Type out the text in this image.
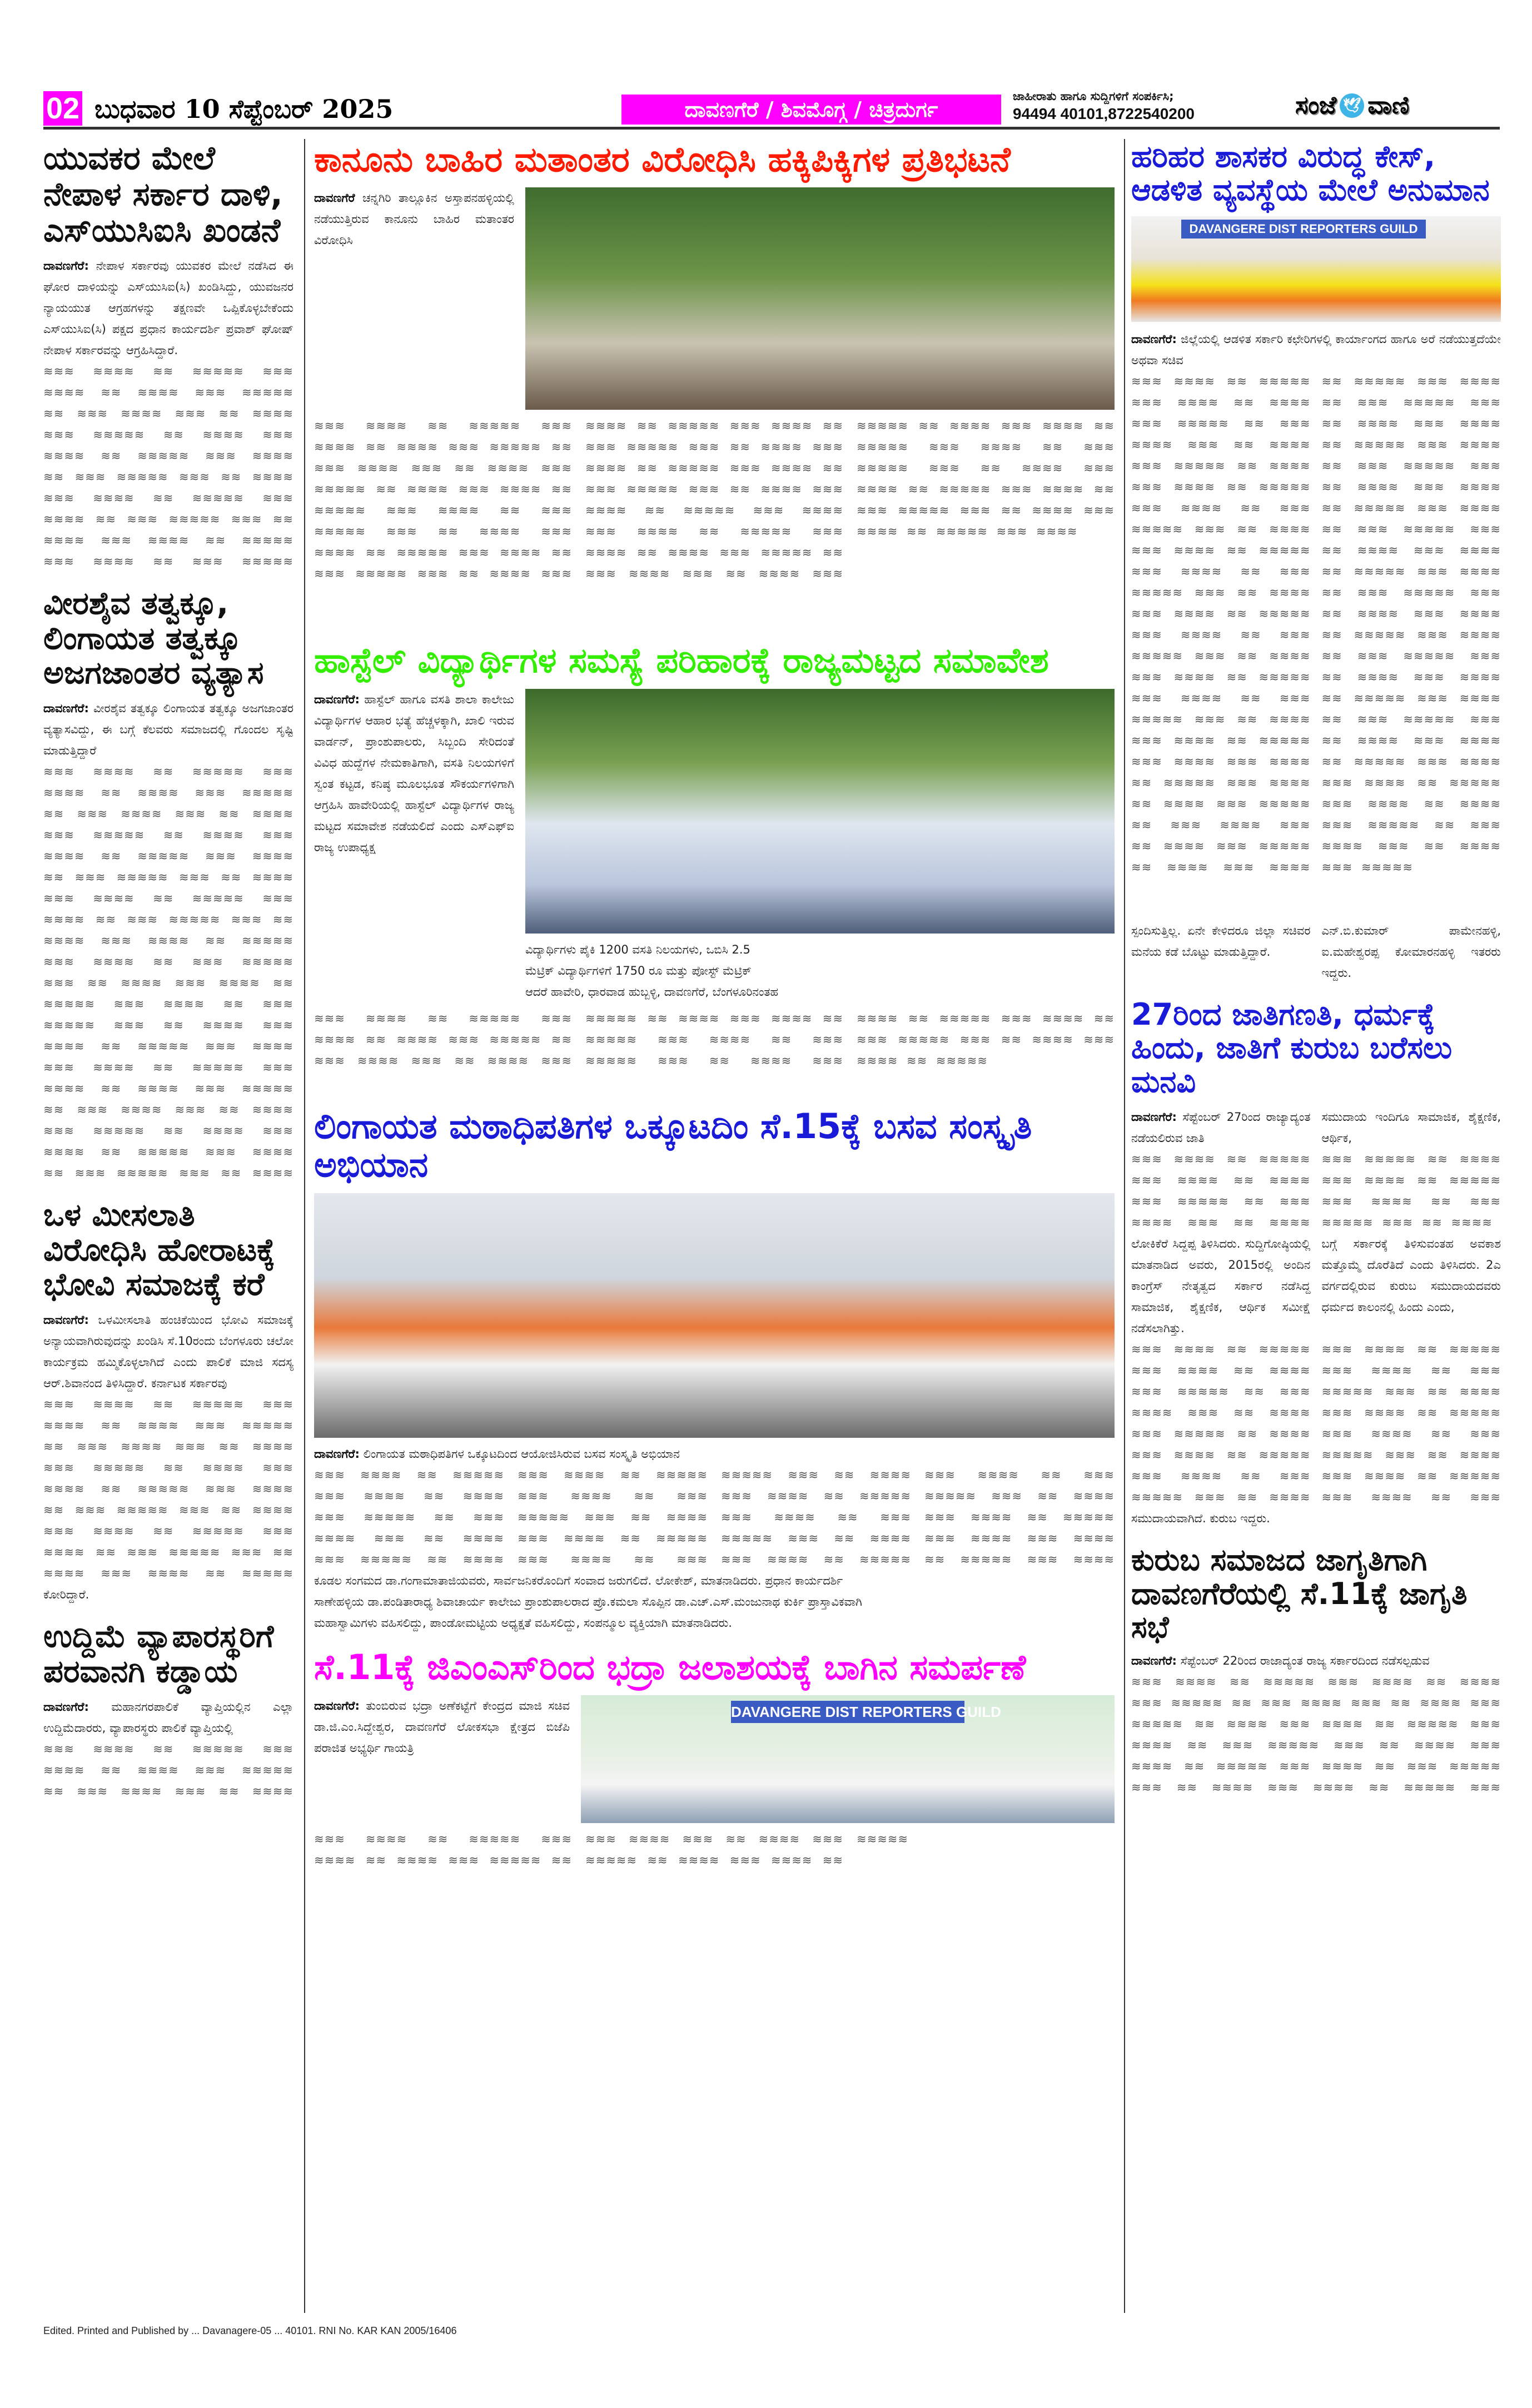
02 ಬುಧವಾರ 10 ಸೆಪ್ಟೆಂಬರ್ 2025	ದಾವಣಗೆರೆ / ಶಿವಮೊಗ್ಗ / ಚಿತ್ರದುರ್ಗ
ಜಾಹೀರಾತು ಹಾಗೂ ಸುದ್ದಿಗಳಿಗೆ ಸಂಪರ್ಕಿಸಿ;
94494 40101,8722540200	ಸಂಜೆ 🕊 ವಾಣಿ
ಯುವಕರ ಮೇಲೆ ನೇಪಾಳ ಸರ್ಕಾರ ದಾಳಿ, ಎಸ್‌ಯುಸಿಐಸಿ ಖಂಡನೆ

ದಾವಣಗೆರೆ: ನೇಪಾಳ ಸರ್ಕಾರವು ಯುವಕರ ಮೇಲೆ ನಡೆಸಿದ ಈ ಘೋರ ದಾಳಿಯನ್ನು ಎಸ್‌ಯುಸಿಐ(ಸಿ) ಖಂಡಿಸಿದ್ದು, ಯುವಜನರ ನ್ಯಾಯಯುತ ಆಗ್ರಹಗಳನ್ನು ತಕ್ಷಣವೇ ಒಪ್ಪಿಕೊಳ್ಳಬೇಕೆಂದು ಎಸ್‌ಯುಸಿಐ(ಸಿ) ಪಕ್ಷದ ಪ್ರಧಾನ ಕಾರ್ಯದರ್ಶಿ ಪ್ರವಾಶ್ ಘೋಷ್ ನೇಪಾಳ ಸರ್ಕಾರವನ್ನು ಆಗ್ರಹಿಸಿದ್ದಾರೆ.

≋≋≋ ≋≋≋≋ ≋≋ ≋≋≋≋≋ ≋≋≋ ≋≋≋≋ ≋≋ ≋≋≋≋ ≋≋≋ ≋≋≋≋≋ ≋≋ ≋≋≋ ≋≋≋≋ ≋≋≋ ≋≋ ≋≋≋≋ ≋≋≋ ≋≋≋≋≋ ≋≋ ≋≋≋≋ ≋≋≋ ≋≋≋≋ ≋≋ ≋≋≋≋≋ ≋≋≋ ≋≋≋≋ ≋≋ ≋≋≋ ≋≋≋≋≋ ≋≋≋ ≋≋ ≋≋≋≋ ≋≋≋ ≋≋≋≋ ≋≋ ≋≋≋≋≋ ≋≋≋ ≋≋≋≋ ≋≋ ≋≋≋ ≋≋≋≋≋ ≋≋≋ ≋≋ ≋≋≋≋ ≋≋≋ ≋≋≋≋ ≋≋ ≋≋≋≋≋ ≋≋≋ ≋≋≋≋ ≋≋ ≋≋≋ ≋≋≋≋≋
ವೀರಶೈವ ತತ್ವಕ್ಕೂ, ಲಿಂಗಾಯತ ತತ್ವಕ್ಕೂ ಅಜಗಜಾಂತರ ವ್ಯತ್ಯಾಸ

ದಾವಣಗೆರೆ: ವೀರಶೈವ ತತ್ವಕ್ಕೂ ಲಿಂಗಾಯತ ತತ್ವಕ್ಕೂ ಅಜಗಜಾಂತರ ವ್ಯತ್ಯಾಸವಿದ್ದು, ಈ ಬಗ್ಗೆ ಕೆಲವರು ಸಮಾಜದಲ್ಲಿ ಗೊಂದಲ ಸೃಷ್ಟಿ ಮಾಡುತ್ತಿದ್ದಾರೆ

≋≋≋ ≋≋≋≋ ≋≋ ≋≋≋≋≋ ≋≋≋ ≋≋≋≋ ≋≋ ≋≋≋≋ ≋≋≋ ≋≋≋≋≋ ≋≋ ≋≋≋ ≋≋≋≋ ≋≋≋ ≋≋ ≋≋≋≋ ≋≋≋ ≋≋≋≋≋ ≋≋ ≋≋≋≋ ≋≋≋ ≋≋≋≋ ≋≋ ≋≋≋≋≋ ≋≋≋ ≋≋≋≋ ≋≋ ≋≋≋ ≋≋≋≋≋ ≋≋≋ ≋≋ ≋≋≋≋ ≋≋≋ ≋≋≋≋ ≋≋ ≋≋≋≋≋ ≋≋≋ ≋≋≋≋ ≋≋ ≋≋≋ ≋≋≋≋≋ ≋≋≋ ≋≋ ≋≋≋≋ ≋≋≋ ≋≋≋≋ ≋≋ ≋≋≋≋≋ ≋≋≋ ≋≋≋≋ ≋≋ ≋≋≋ ≋≋≋≋≋ ≋≋≋ ≋≋ ≋≋≋≋ ≋≋≋ ≋≋≋≋ ≋≋ ≋≋≋≋≋ ≋≋≋ ≋≋≋≋ ≋≋ ≋≋≋ ≋≋≋≋≋ ≋≋≋ ≋≋ ≋≋≋≋ ≋≋≋ ≋≋≋≋ ≋≋ ≋≋≋≋≋ ≋≋≋ ≋≋≋≋ ≋≋≋ ≋≋≋≋ ≋≋ ≋≋≋≋≋ ≋≋≋ ≋≋≋≋ ≋≋ ≋≋≋≋ ≋≋≋ ≋≋≋≋≋ ≋≋ ≋≋≋ ≋≋≋≋ ≋≋≋ ≋≋ ≋≋≋≋ ≋≋≋ ≋≋≋≋≋ ≋≋ ≋≋≋≋ ≋≋≋ ≋≋≋≋ ≋≋ ≋≋≋≋≋ ≋≋≋ ≋≋≋≋ ≋≋ ≋≋≋ ≋≋≋≋≋ ≋≋≋ ≋≋ ≋≋≋≋
ಒಳ ಮೀಸಲಾತಿ ವಿರೋಧಿಸಿ ಹೋರಾಟಕ್ಕೆ ಭೋವಿ ಸಮಾಜಕ್ಕೆ ಕರೆ

ದಾವಣಗೆರೆ: ಒಳಮೀಸಲಾತಿ ಹಂಚಿಕೆಯಿಂದ ಭೋವಿ ಸಮಾಜಕ್ಕೆ ಅನ್ಯಾಯವಾಗಿರುವುದನ್ನು ಖಂಡಿಸಿ ಸೆ.10ರಂದು ಬೆಂಗಳೂರು ಚಲೋ ಕಾರ್ಯಕ್ರಮ ಹಮ್ಮಿಕೊಳ್ಳಲಾಗಿದೆ ಎಂದು ಪಾಲಿಕೆ ಮಾಜಿ ಸದಸ್ಯ ಆರ್.ಶಿವಾನಂದ ತಿಳಿಸಿದ್ದಾರೆ. ಕರ್ನಾಟಕ ಸರ್ಕಾರವು

≋≋≋ ≋≋≋≋ ≋≋ ≋≋≋≋≋ ≋≋≋ ≋≋≋≋ ≋≋ ≋≋≋≋ ≋≋≋ ≋≋≋≋≋ ≋≋ ≋≋≋ ≋≋≋≋ ≋≋≋ ≋≋ ≋≋≋≋ ≋≋≋ ≋≋≋≋≋ ≋≋ ≋≋≋≋ ≋≋≋ ≋≋≋≋ ≋≋ ≋≋≋≋≋ ≋≋≋ ≋≋≋≋ ≋≋ ≋≋≋ ≋≋≋≋≋ ≋≋≋ ≋≋ ≋≋≋≋ ≋≋≋ ≋≋≋≋ ≋≋ ≋≋≋≋≋ ≋≋≋ ≋≋≋≋ ≋≋ ≋≋≋ ≋≋≋≋≋ ≋≋≋ ≋≋ ≋≋≋≋ ≋≋≋ ≋≋≋≋ ≋≋ ≋≋≋≋≋

ಕೋರಿದ್ದಾರೆ.

ಉದ್ದಿಮೆ ವ್ಯಾಪಾರಸ್ಥರಿಗೆ ಪರವಾನಗಿ ಕಡ್ಡಾಯ

ದಾವಣಗೆರೆ: ಮಹಾನಗರಪಾಲಿಕೆ ವ್ಯಾಪ್ತಿಯಲ್ಲಿನ ಎಲ್ಲಾ ಉದ್ದಿಮೆದಾರರು, ವ್ಯಾಪಾರಸ್ಥರು ಪಾಲಿಕೆ ವ್ಯಾಪ್ತಿಯಲ್ಲಿ

≋≋≋ ≋≋≋≋ ≋≋ ≋≋≋≋≋ ≋≋≋ ≋≋≋≋ ≋≋ ≋≋≋≋ ≋≋≋ ≋≋≋≋≋ ≋≋ ≋≋≋ ≋≋≋≋ ≋≋≋ ≋≋ ≋≋≋≋
ಕಾನೂನು ಬಾಹಿರ ಮತಾಂತರ ವಿರೋಧಿಸಿ ಹಕ್ಕಿಪಿಕ್ಕಿಗಳ ಪ್ರತಿಭಟನೆ

ದಾವಣಗೆರೆ ಚನ್ನಗಿರಿ ತಾಲ್ಲೂಕಿನ ಅಸ್ತಾಪನಹಳ್ಳಿಯಲ್ಲಿ ನಡೆಯುತ್ತಿರುವ ಕಾನೂನು ಬಾಹಿರ ಮತಾಂತರ ವಿರೋಧಿಸಿ

≋≋≋ ≋≋≋≋ ≋≋ ≋≋≋≋≋ ≋≋≋ ≋≋≋≋ ≋≋ ≋≋≋≋ ≋≋≋ ≋≋≋≋≋ ≋≋ ≋≋≋ ≋≋≋≋ ≋≋≋ ≋≋ ≋≋≋≋ ≋≋≋ ≋≋≋≋≋ ≋≋ ≋≋≋≋ ≋≋≋ ≋≋≋≋ ≋≋ ≋≋≋≋≋ ≋≋≋ ≋≋≋≋ ≋≋ ≋≋≋ ≋≋≋≋≋ ≋≋≋ ≋≋ ≋≋≋≋ ≋≋≋ ≋≋≋≋ ≋≋ ≋≋≋≋≋ ≋≋≋ ≋≋≋≋ ≋≋ ≋≋≋ ≋≋≋≋≋ ≋≋≋ ≋≋ ≋≋≋≋ ≋≋≋ ≋≋≋≋ ≋≋ ≋≋≋≋≋ ≋≋≋ ≋≋≋≋ ≋≋ ≋≋≋ ≋≋≋≋≋ ≋≋≋ ≋≋ ≋≋≋≋ ≋≋≋ ≋≋≋≋ ≋≋ ≋≋≋≋≋ ≋≋≋ ≋≋≋≋ ≋≋ ≋≋≋ ≋≋≋≋≋ ≋≋≋ ≋≋ ≋≋≋≋ ≋≋≋ ≋≋≋≋ ≋≋ ≋≋≋≋≋ ≋≋≋ ≋≋≋≋ ≋≋≋ ≋≋≋≋ ≋≋ ≋≋≋≋≋ ≋≋≋ ≋≋≋≋ ≋≋ ≋≋≋≋ ≋≋≋ ≋≋≋≋≋ ≋≋ ≋≋≋ ≋≋≋≋ ≋≋≋ ≋≋ ≋≋≋≋ ≋≋≋ ≋≋≋≋≋ ≋≋ ≋≋≋≋ ≋≋≋ ≋≋≋≋ ≋≋ ≋≋≋≋≋ ≋≋≋ ≋≋≋≋ ≋≋ ≋≋≋ ≋≋≋≋≋ ≋≋≋ ≋≋ ≋≋≋≋ ≋≋≋ ≋≋≋≋ ≋≋ ≋≋≋≋≋ ≋≋≋ ≋≋≋≋ ≋≋ ≋≋≋ ≋≋≋≋≋ ≋≋≋ ≋≋ ≋≋≋≋ ≋≋≋ ≋≋≋≋ ≋≋ ≋≋≋≋≋ ≋≋≋ ≋≋≋≋
ಹಾಸ್ಟೆಲ್ ವಿದ್ಯಾರ್ಥಿಗಳ ಸಮಸ್ಯೆ ಪರಿಹಾರಕ್ಕೆ ರಾಜ್ಯಮಟ್ಟದ ಸಮಾವೇಶ

ದಾವಣಗೆರೆ: ಹಾಸ್ಟೆಲ್ ಹಾಗೂ ವಸತಿ ಶಾಲಾ ಕಾಲೇಜು ವಿದ್ಯಾರ್ಥಿಗಳ ಆಹಾರ ಭತ್ಯೆ ಹೆಚ್ಚಳಕ್ಕಾಗಿ, ಖಾಲಿ ಇರುವ ವಾರ್ಡನ್, ಪ್ರಾಂಶುಪಾಲರು, ಸಿಬ್ಬಂದಿ ಸೇರಿದಂತೆ ವಿವಿಧ ಹುದ್ದೆಗಳ ನೇಮಕಾತಿಗಾಗಿ, ವಸತಿ ನಿಲಯಗಳಿಗೆ ಸ್ವಂತ ಕಟ್ಟಡ, ಕನಿಷ್ಠ ಮೂಲಭೂತ ಸೌಕರ್ಯಗಳಿಗಾಗಿ ಆಗ್ರಹಿಸಿ ಹಾವೇರಿಯಲ್ಲಿ ಹಾಸ್ಟೆಲ್ ವಿದ್ಯಾರ್ಥಿಗಳ ರಾಜ್ಯ ಮಟ್ಟದ ಸಮಾವೇಶ ನಡೆಯಲಿದೆ ಎಂದು ಎಸ್‌ಎಫ್‌ಐ ರಾಜ್ಯ ಉಪಾಧ್ಯಕ್ಷ

ವಿದ್ಯಾರ್ಥಿಗಳು ಪೈಕಿ 1200 ವಸತಿ ನಿಲಯಗಳು, ಒಬಿಸಿ 2.5

ಮೆಟ್ರಿಕ್ ವಿದ್ಯಾರ್ಥಿಗಳಿಗೆ 1750 ರೂ ಮತ್ತು ಪೋಸ್ಟ್ ಮೆಟ್ರಿಕ್

ಆದರೆ ಹಾವೇರಿ, ಧಾರವಾಡ ಹುಬ್ಬಳ್ಳಿ, ದಾವಣಗೆರೆ, ಬೆಂಗಳೂರಿನಂತಹ

≋≋≋ ≋≋≋≋ ≋≋ ≋≋≋≋≋ ≋≋≋ ≋≋≋≋ ≋≋ ≋≋≋≋ ≋≋≋ ≋≋≋≋≋ ≋≋ ≋≋≋ ≋≋≋≋ ≋≋≋ ≋≋ ≋≋≋≋ ≋≋≋ ≋≋≋≋≋ ≋≋ ≋≋≋≋ ≋≋≋ ≋≋≋≋ ≋≋ ≋≋≋≋≋ ≋≋≋ ≋≋≋≋ ≋≋ ≋≋≋ ≋≋≋≋≋ ≋≋≋ ≋≋ ≋≋≋≋ ≋≋≋ ≋≋≋≋ ≋≋ ≋≋≋≋≋ ≋≋≋ ≋≋≋≋ ≋≋ ≋≋≋ ≋≋≋≋≋ ≋≋≋ ≋≋ ≋≋≋≋ ≋≋≋ ≋≋≋≋ ≋≋ ≋≋≋≋≋
ಲಿಂಗಾಯತ ಮಠಾಧಿಪತಿಗಳ ಒಕ್ಕೂಟದಿಂ ಸೆ.15ಕ್ಕೆ ಬಸವ ಸಂಸ್ಕೃತಿ ಅಭಿಯಾನ

ದಾವಣಗೆರೆ: ಲಿಂಗಾಯತ ಮಠಾಧಿಪತಿಗಳ ಒಕ್ಕೂಟದಿಂದ ಆಯೋಜಿಸಿರುವ ಬಸವ ಸಂಸ್ಕೃತಿ ಅಭಿಯಾನ

≋≋≋ ≋≋≋≋ ≋≋ ≋≋≋≋≋ ≋≋≋ ≋≋≋≋ ≋≋ ≋≋≋≋ ≋≋≋ ≋≋≋≋≋ ≋≋ ≋≋≋ ≋≋≋≋ ≋≋≋ ≋≋ ≋≋≋≋ ≋≋≋ ≋≋≋≋≋ ≋≋ ≋≋≋≋ ≋≋≋ ≋≋≋≋ ≋≋ ≋≋≋≋≋ ≋≋≋ ≋≋≋≋ ≋≋ ≋≋≋ ≋≋≋≋≋ ≋≋≋ ≋≋ ≋≋≋≋ ≋≋≋ ≋≋≋≋ ≋≋ ≋≋≋≋≋ ≋≋≋ ≋≋≋≋ ≋≋ ≋≋≋ ≋≋≋≋≋ ≋≋≋ ≋≋ ≋≋≋≋ ≋≋≋ ≋≋≋≋ ≋≋ ≋≋≋≋≋ ≋≋≋ ≋≋≋≋ ≋≋ ≋≋≋ ≋≋≋≋≋ ≋≋≋ ≋≋ ≋≋≋≋ ≋≋≋ ≋≋≋≋ ≋≋ ≋≋≋≋≋ ≋≋≋ ≋≋≋≋ ≋≋ ≋≋≋ ≋≋≋≋≋ ≋≋≋ ≋≋ ≋≋≋≋ ≋≋≋ ≋≋≋≋ ≋≋ ≋≋≋≋≋ ≋≋≋ ≋≋≋≋ ≋≋≋ ≋≋≋≋ ≋≋ ≋≋≋≋≋ ≋≋≋ ≋≋≋≋

ಕೂಡಲ ಸಂಗಮದ ಡಾ.ಗಂಗಾಮಾತಾಜಿಯವರು, ಸಾರ್ವಜನಿಕರೊಂದಿಗೆ ಸಂವಾದ ಜರುಗಲಿದೆ. ಲೋಕೇಶ್, ಮಾತನಾಡಿದರು. ಪ್ರಧಾನ ಕಾರ್ಯದರ್ಶಿ

ಸಾಣೇಹಳ್ಳಿಯ ಡಾ.ಪಂಡಿತಾರಾಧ್ಯ ಶಿವಾಚಾರ್ಯ ಕಾಲೇಜು ಪ್ರಾಂಶುಪಾಲರಾದ ಪ್ರೊ.ಕಮಲಾ ಸೊಪ್ಪಿನ ಡಾ.ಎಚ್.ಎಸ್.ಮಂಜುನಾಥ ಕುರ್ಕಿ ಪ್ರಾಸ್ತಾವಿಕವಾಗಿ

ಮಹಾಸ್ವಾಮಿಗಳು ವಹಿಸಲಿದ್ದು, ಪಾಂಡೋಮಟ್ಟಿಯ ಅಧ್ಯಕ್ಷತೆ ವಹಿಸಲಿದ್ದು, ಸಂಪನ್ಮೂಲ ವ್ಯಕ್ತಿಯಾಗಿ ಮಾತನಾಡಿದರು.

ಸೆ.11ಕ್ಕೆ ಜಿಎಂಎಸ್‌ರಿಂದ ಭದ್ರಾ ಜಲಾಶಯಕ್ಕೆ ಬಾಗಿನ ಸಮರ್ಪಣೆ

ದಾವಣಗೆರೆ: ತುಂಬಿರುವ ಭದ್ರಾ ಅಣೆಕಟ್ಟೆಗೆ ಕೇಂದ್ರದ ಮಾಜಿ ಸಚಿವ ಡಾ.ಜಿ.ಎಂ.ಸಿದ್ದೇಶ್ವರ, ದಾವಣಗೆರೆ ಲೋಕಸಭಾ ಕ್ಷೇತ್ರದ ಬಿಜೆಪಿ ಪರಾಜಿತ ಅಭ್ಯರ್ಥಿ ಗಾಯತ್ರಿ

DAVANGERE DIST REPORTERS GUILD
≋≋≋ ≋≋≋≋ ≋≋ ≋≋≋≋≋ ≋≋≋ ≋≋≋≋ ≋≋ ≋≋≋≋ ≋≋≋ ≋≋≋≋≋ ≋≋ ≋≋≋ ≋≋≋≋ ≋≋≋ ≋≋ ≋≋≋≋ ≋≋≋ ≋≋≋≋≋ ≋≋ ≋≋≋≋ ≋≋≋ ≋≋≋≋ ≋≋ ≋≋≋≋≋
ಹರಿಹರ ಶಾಸಕರ ವಿರುದ್ಧ ಕೇಸ್, ಆಡಳಿತ ವ್ಯವಸ್ಥೆಯ ಮೇಲೆ ಅನುಮಾನ
DAVANGERE DIST REPORTERS GUILD

ದಾವಣಗೆರೆ: ಜಿಲ್ಲೆಯಲ್ಲಿ ಆಡಳಿತ ಸರ್ಕಾರಿ ಕಛೇರಿಗಳಲ್ಲಿ ಕಾರ್ಯಾಂಗದ ಹಾಗೂ ಅರೆ ನಡೆಯುತ್ತದೆಯೇ ಅಥವಾ ಸಚಿವ

≋≋≋ ≋≋≋≋ ≋≋ ≋≋≋≋≋ ≋≋≋ ≋≋≋≋ ≋≋ ≋≋≋≋ ≋≋≋ ≋≋≋≋≋ ≋≋ ≋≋≋ ≋≋≋≋ ≋≋≋ ≋≋ ≋≋≋≋ ≋≋≋ ≋≋≋≋≋ ≋≋ ≋≋≋≋ ≋≋≋ ≋≋≋≋ ≋≋ ≋≋≋≋≋ ≋≋≋ ≋≋≋≋ ≋≋ ≋≋≋ ≋≋≋≋≋ ≋≋≋ ≋≋ ≋≋≋≋ ≋≋≋ ≋≋≋≋ ≋≋ ≋≋≋≋≋ ≋≋≋ ≋≋≋≋ ≋≋ ≋≋≋ ≋≋≋≋≋ ≋≋≋ ≋≋ ≋≋≋≋ ≋≋≋ ≋≋≋≋ ≋≋ ≋≋≋≋≋ ≋≋≋ ≋≋≋≋ ≋≋ ≋≋≋ ≋≋≋≋≋ ≋≋≋ ≋≋ ≋≋≋≋ ≋≋≋ ≋≋≋≋ ≋≋ ≋≋≋≋≋ ≋≋≋ ≋≋≋≋ ≋≋ ≋≋≋ ≋≋≋≋≋ ≋≋≋ ≋≋ ≋≋≋≋ ≋≋≋ ≋≋≋≋ ≋≋ ≋≋≋≋≋ ≋≋≋ ≋≋≋≋ ≋≋≋ ≋≋≋≋ ≋≋ ≋≋≋≋≋ ≋≋≋ ≋≋≋≋ ≋≋ ≋≋≋≋ ≋≋≋ ≋≋≋≋≋ ≋≋ ≋≋≋ ≋≋≋≋ ≋≋≋ ≋≋ ≋≋≋≋ ≋≋≋ ≋≋≋≋≋ ≋≋ ≋≋≋≋ ≋≋≋ ≋≋≋≋ ≋≋ ≋≋≋≋≋ ≋≋≋ ≋≋≋≋ ≋≋ ≋≋≋ ≋≋≋≋≋ ≋≋≋ ≋≋ ≋≋≋≋ ≋≋≋ ≋≋≋≋ ≋≋ ≋≋≋≋≋ ≋≋≋ ≋≋≋≋ ≋≋ ≋≋≋ ≋≋≋≋≋ ≋≋≋ ≋≋ ≋≋≋≋ ≋≋≋ ≋≋≋≋ ≋≋ ≋≋≋≋≋ ≋≋≋ ≋≋≋≋ ≋≋ ≋≋≋ ≋≋≋≋≋ ≋≋≋ ≋≋ ≋≋≋≋ ≋≋≋ ≋≋≋≋ ≋≋ ≋≋≋≋≋ ≋≋≋ ≋≋≋≋ ≋≋ ≋≋≋ ≋≋≋≋≋ ≋≋≋ ≋≋ ≋≋≋≋ ≋≋≋ ≋≋≋≋ ≋≋ ≋≋≋≋≋ ≋≋≋ ≋≋≋≋ ≋≋ ≋≋≋ ≋≋≋≋≋ ≋≋≋ ≋≋ ≋≋≋≋ ≋≋≋ ≋≋≋≋ ≋≋ ≋≋≋≋≋ ≋≋≋ ≋≋≋≋ ≋≋ ≋≋≋ ≋≋≋≋≋ ≋≋≋ ≋≋ ≋≋≋≋ ≋≋≋ ≋≋≋≋ ≋≋ ≋≋≋≋≋ ≋≋≋ ≋≋≋≋ ≋≋≋ ≋≋≋≋ ≋≋ ≋≋≋≋≋ ≋≋≋ ≋≋≋≋ ≋≋ ≋≋≋≋ ≋≋≋ ≋≋≋≋≋ ≋≋ ≋≋≋ ≋≋≋≋ ≋≋≋ ≋≋ ≋≋≋≋ ≋≋≋ ≋≋≋≋≋

ಸ್ಪಂದಿಸುತ್ತಿಲ್ಲ. ಏನೇ ಕೇಳಿದರೂ ಜಿಲ್ಲಾ ಸಚಿವರ ಮನೆಯ ಕಡೆ ಬೊಟ್ಟು ಮಾಡುತ್ತಿದ್ದಾರೆ.

ಎನ್.ಬಿ.ಕುಮಾರ್ ಪಾಮೇನಹಳ್ಳಿ, ಐ.ಮಹೇಶ್ವರಪ್ಪ ಕೋಮಾರನಹಳ್ಳಿ ಇತರರು ಇದ್ದರು.

27ರಿಂದ ಜಾತಿಗಣತಿ, ಧರ್ಮಕ್ಕೆ ಹಿಂದು, ಜಾತಿಗೆ ಕುರುಬ ಬರೆಸಲು ಮನವಿ

ದಾವಣಗೆರೆ: ಸೆಪ್ಟೆಂಬರ್ 27ರಿಂದ ರಾಜ್ಯಾದ್ಯಂತ ನಡೆಯಲಿರುವ ಜಾತಿ

ಸಮುದಾಯ ಇಂದಿಗೂ ಸಾಮಾಜಿಕ, ಶೈಕ್ಷಣಿಕ, ಆರ್ಥಿಕ,

≋≋≋ ≋≋≋≋ ≋≋ ≋≋≋≋≋ ≋≋≋ ≋≋≋≋ ≋≋ ≋≋≋≋ ≋≋≋ ≋≋≋≋≋ ≋≋ ≋≋≋ ≋≋≋≋ ≋≋≋ ≋≋ ≋≋≋≋ ≋≋≋ ≋≋≋≋≋ ≋≋ ≋≋≋≋ ≋≋≋ ≋≋≋≋ ≋≋ ≋≋≋≋≋ ≋≋≋ ≋≋≋≋ ≋≋ ≋≋≋ ≋≋≋≋≋ ≋≋≋ ≋≋ ≋≋≋≋

ಲೋಕಿಕೆರೆ ಸಿದ್ದಪ್ಪ ತಿಳಿಸಿದರು. ಸುದ್ದಿಗೋಷ್ಠಿಯಲ್ಲಿ ಮಾತನಾಡಿದ ಅವರು, 2015ರಲ್ಲಿ ಅಂದಿನ ಕಾಂಗ್ರೆಸ್ ನೇತೃತ್ವದ ಸರ್ಕಾರ ನಡೆಸಿದ್ದ ಸಾಮಾಜಿಕ, ಶೈಕ್ಷಣಿಕ, ಆರ್ಥಿಕ ಸಮೀಕ್ಷೆ ನಡೆಸಲಾಗಿತ್ತು.

ಬಗ್ಗೆ ಸರ್ಕಾರಕ್ಕೆ ತಿಳಿಸುವಂತಹ ಅವಕಾಶ ಮತ್ತೊಮ್ಮೆ ದೊರೆತಿದೆ ಎಂದು ತಿಳಿಸಿದರು. 2ಎ ವರ್ಗದಲ್ಲಿರುವ ಕುರುಬ ಸಮುದಾಯದವರು ಧರ್ಮದ ಕಾಲಂನಲ್ಲಿ ಹಿಂದು ಎಂದು,

≋≋≋ ≋≋≋≋ ≋≋ ≋≋≋≋≋ ≋≋≋ ≋≋≋≋ ≋≋ ≋≋≋≋ ≋≋≋ ≋≋≋≋≋ ≋≋ ≋≋≋ ≋≋≋≋ ≋≋≋ ≋≋ ≋≋≋≋ ≋≋≋ ≋≋≋≋≋ ≋≋ ≋≋≋≋ ≋≋≋ ≋≋≋≋ ≋≋ ≋≋≋≋≋ ≋≋≋ ≋≋≋≋ ≋≋ ≋≋≋ ≋≋≋≋≋ ≋≋≋ ≋≋ ≋≋≋≋ ≋≋≋ ≋≋≋≋ ≋≋ ≋≋≋≋≋ ≋≋≋ ≋≋≋≋ ≋≋ ≋≋≋ ≋≋≋≋≋ ≋≋≋ ≋≋ ≋≋≋≋ ≋≋≋ ≋≋≋≋ ≋≋ ≋≋≋≋≋ ≋≋≋ ≋≋≋≋ ≋≋ ≋≋≋ ≋≋≋≋≋ ≋≋≋ ≋≋ ≋≋≋≋ ≋≋≋ ≋≋≋≋ ≋≋ ≋≋≋≋≋ ≋≋≋ ≋≋≋≋ ≋≋ ≋≋≋

ಸಮುದಾಯವಾಗಿದೆ. ಕುರುಬ ಇದ್ದರು.

ಕುರುಬ ಸಮಾಜದ ಜಾಗೃತಿಗಾಗಿ ದಾವಣಗೆರೆಯಲ್ಲಿ ಸೆ.11ಕ್ಕೆ ಜಾಗೃತಿ ಸಭೆ

ದಾವಣಗೆರೆ: ಸೆಪ್ಟೆಂಬರ್ 22ರಿಂದ ರಾಜಾದ್ಯಂತ ರಾಜ್ಯ ಸರ್ಕಾರದಿಂದ ನಡೆಸಲ್ಪಡುವ

≋≋≋ ≋≋≋≋ ≋≋ ≋≋≋≋≋ ≋≋≋ ≋≋≋≋ ≋≋ ≋≋≋≋ ≋≋≋ ≋≋≋≋≋ ≋≋ ≋≋≋ ≋≋≋≋ ≋≋≋ ≋≋ ≋≋≋≋ ≋≋≋ ≋≋≋≋≋ ≋≋ ≋≋≋≋ ≋≋≋ ≋≋≋≋ ≋≋ ≋≋≋≋≋ ≋≋≋ ≋≋≋≋ ≋≋ ≋≋≋ ≋≋≋≋≋ ≋≋≋ ≋≋ ≋≋≋≋ ≋≋≋ ≋≋≋≋ ≋≋ ≋≋≋≋≋ ≋≋≋ ≋≋≋≋ ≋≋ ≋≋≋ ≋≋≋≋≋ ≋≋≋ ≋≋ ≋≋≋≋ ≋≋≋ ≋≋≋≋ ≋≋ ≋≋≋≋≋ ≋≋≋
Edited. Printed and Published by ... Davanagere-05 ... 40101. RNI No. KAR KAN 2005/16406
